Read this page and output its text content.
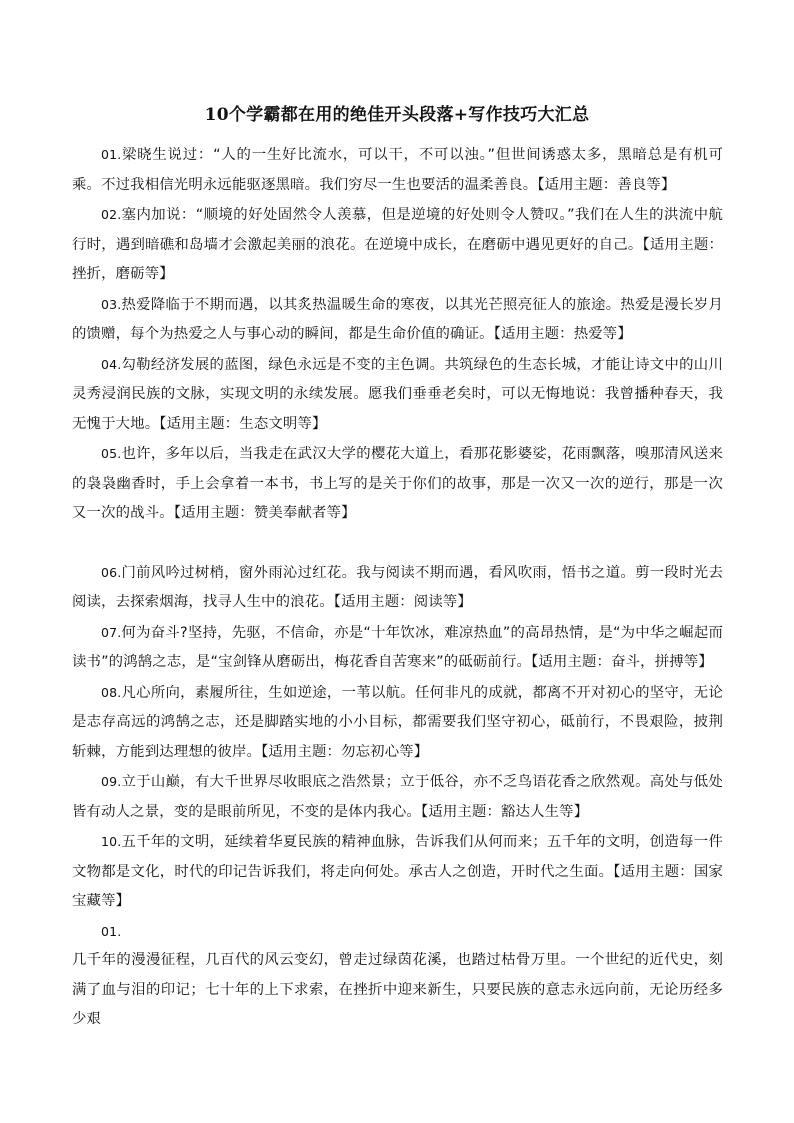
10个学霸都在用的绝佳开头段落+写作技巧大汇总

01.梁晓生说过：“人的一生好比流水，可以干，不可以浊。”但世间诱惑太多，黑暗总是有机可乘。不过我相信光明永远能驱逐黑暗。我们穷尽一生也要活的温柔善良。【适用主题：善良等】

02.塞内加说：“顺境的好处固然令人羡慕，但是逆境的好处则令人赞叹。”我们在人生的洪流中航行时，遇到暗礁和岛墙才会激起美丽的浪花。在逆境中成长，在磨砺中遇见更好的自己。【适用主题：挫折，磨砺等】

03.热爱降临于不期而遇，以其炙热温暖生命的寒夜，以其光芒照亮征人的旅途。热爱是漫长岁月的馈赠，每个为热爱之人与事心动的瞬间，都是生命价值的确证。【适用主题：热爱等】

04.勾勒经济发展的蓝图，绿色永远是不变的主色调。共筑绿色的生态长城，才能让诗文中的山川灵秀浸润民族的文脉，实现文明的永续发展。愿我们垂垂老矣时，可以无悔地说：我曾播种春天，我无愧于大地。【适用主题：生态文明等】

05.也许，多年以后，当我走在武汉大学的樱花大道上，看那花影婆娑，花雨飘落，嗅那清风送来的袅袅幽香时，手上会拿着一本书，书上写的是关于你们的故事，那是一次又一次的逆行，那是一次又一次的战斗。【适用主题：赞美奉献者等】

06.门前风吟过树梢，窗外雨沁过红花。我与阅读不期而遇，看风吹雨，悟书之道。剪一段时光去阅读，去探索烟海，找寻人生中的浪花。【适用主题：阅读等】

07.何为奋斗?坚持，先驱，不信命，亦是“十年饮冰，难凉热血”的高昂热情，是“为中华之崛起而读书”的鸿鹄之志，是“宝剑锋从磨砺出，梅花香自苦寒来”的砥砺前行。【适用主题：奋斗，拼搏等】

08.凡心所向，素履所往，生如逆途，一苇以航。任何非凡的成就，都离不开对初心的坚守，无论是志存高远的鸿鹄之志，还是脚踏实地的小小目标，都需要我们坚守初心，砥前行，不畏艰险，披荆斩棘，方能到达理想的彼岸。【适用主题：勿忘初心等】

09.立于山巅，有大千世界尽收眼底之浩然景；立于低谷，亦不乏鸟语花香之欣然观。高处与低处皆有动人之景，变的是眼前所见，不变的是体内我心。【适用主题：豁达人生等】

10.五千年的文明，延续着华夏民族的精神血脉，告诉我们从何而来；五千年的文明，创造每一件文物都是文化，时代的印记告诉我们，将走向何处。承古人之创造，开时代之生面。【适用主题：国家宝藏等】

01.

几千年的漫漫征程，几百代的风云变幻，曾走过绿茵花溪，也踏过枯骨万里。一个世纪的近代史，刻满了血与泪的印记；七十年的上下求索，在挫折中迎来新生，只要民族的意志永远向前，无论历经多少艰
